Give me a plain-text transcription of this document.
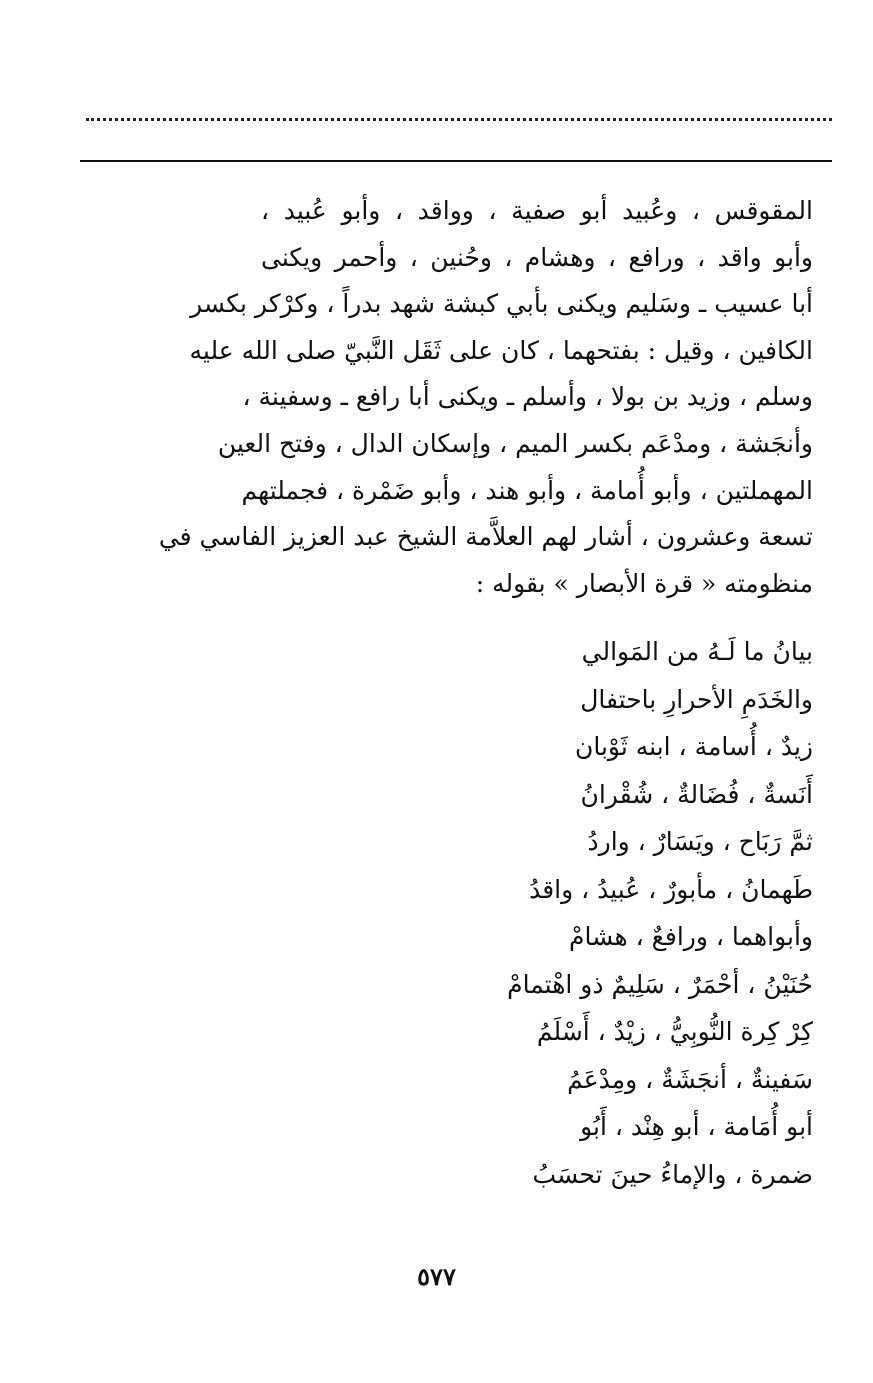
المقوقس ، وعُبيد أبو صفية ، وواقد ، وأبو عُبيد ،
وأبو واقد ، ورافع ، وهشام ، وحُنين ، وأحمر ويكنى
أبا عسيب ـ وسَليم ويكنى بأبي كبشة شهد بدراً ، وكرْكر بكسر
الكافين ، وقيل : بفتحهما ، كان على ثَقَل النَّبيّ صلى الله عليه
وسلم ، وزيد بن بولا ، وأسلم ـ ويكنى أبا رافع ـ وسفينة ،
وأنجَشة ، ومدْعَم بكسر الميم ، وإسكان الدال ، وفتح العين
المهملتين ، وأبو أُمامة ، وأبو هند ، وأبو ضَمْرة ، فجملتهم
تسعة وعشرون ، أشار لهم العلاَّمة الشيخ عبد العزيز الفاسي في
منظومته « قرة الأبصار » بقوله :
بيانُ ما لَـهُ من المَوالي
والخَدَمِ الأحرارِ باحتفال
زيدٌ ، أُسامة ، ابنه ثَوْبان
أَنَسةٌ ، فُضَالةٌ ، شُقْرانُ
ثمَّ رَبَاح ، ويَسَارٌ ، واردُ
طَهمانُ ، مأبورٌ ، عُبيدُ ، واقدُ
وأبواهما ، ورافعٌ ، هشامْ
حُنَيْنُ ، أحْمَرٌ ، سَلِيمٌ ذو اهْتمامْ
كِرْ كِرة النُّوبِيُّ ، زيْدٌ ، أَسْلَمُ
سَفينةٌ ، أنجَشَةٌ ، ومِدْعَمُ
أبو أُمَامة ، أبو هِنْد ، أَبُو
ضمرة ، والإماءُ حينَ تحسَبُ
٥٧٧
